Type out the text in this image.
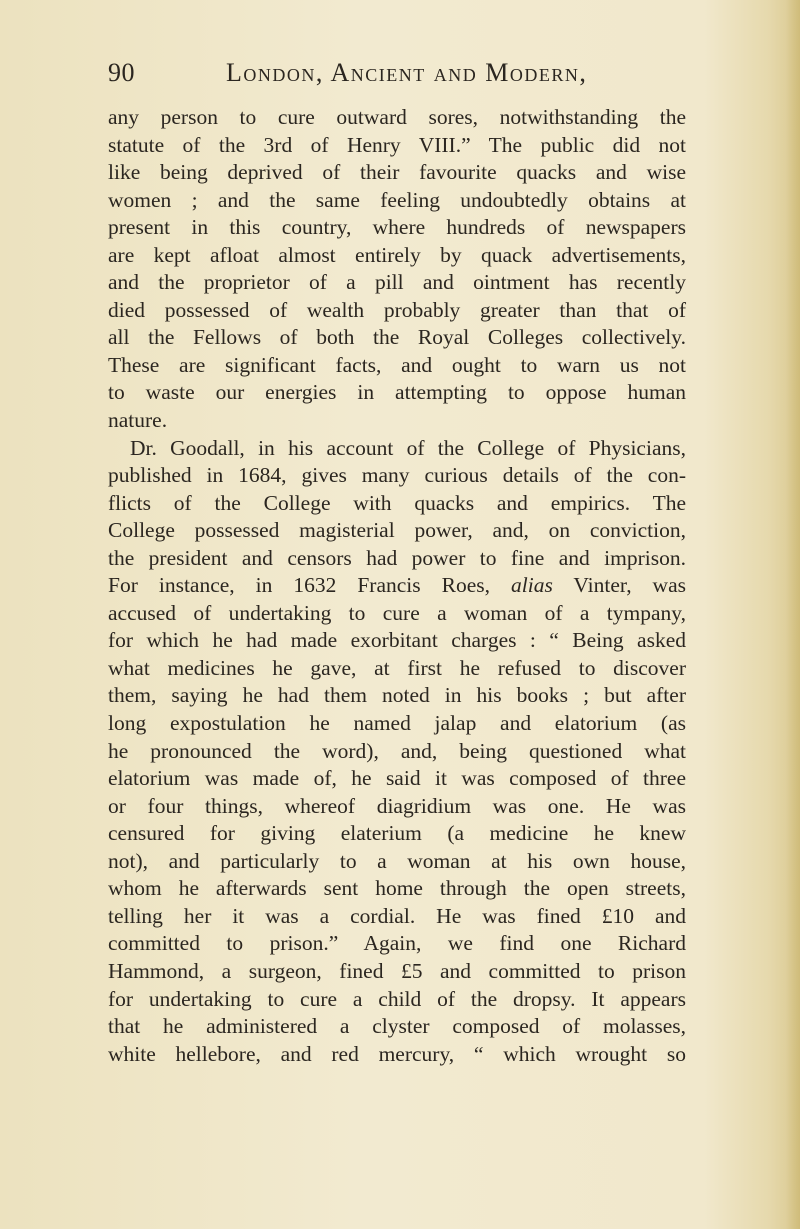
90	London, Ancient and Modern,
any person to cure outward sores, notwithstanding the
statute of the 3rd of Henry VIII.” The public did not
like being deprived of their favourite quacks and wise
women ; and the same feeling undoubtedly obtains at
present in this country, where hundreds of newspapers
are kept afloat almost entirely by quack advertisements,
and the proprietor of a pill and ointment has recently
died possessed of wealth probably greater than that of
all the Fellows of both the Royal Colleges collectively.
These are significant facts, and ought to warn us not
to waste our energies in attempting to oppose human
nature.
Dr. Goodall, in his account of the College of Physicians,
published in 1684, gives many curious details of the con-
flicts of the College with quacks and empirics. The
College possessed magisterial power, and, on conviction,
the president and censors had power to fine and imprison.
For instance, in 1632 Francis Roes, alias Vinter, was
accused of undertaking to cure a woman of a tympany,
for which he had made exorbitant charges : “ Being asked
what medicines he gave, at first he refused to discover
them, saying he had them noted in his books ; but after
long expostulation he named jalap and elatorium (as
he pronounced the word), and, being questioned what
elatorium was made of, he said it was composed of three
or four things, whereof diagridium was one. He was
censured for giving elaterium (a medicine he knew
not), and particularly to a woman at his own house,
whom he afterwards sent home through the open streets,
telling her it was a cordial. He was fined £10 and
committed to prison.” Again, we find one Richard
Hammond, a surgeon, fined £5 and committed to prison
for undertaking to cure a child of the dropsy. It appears
that he administered a clyster composed of molasses,
white hellebore, and red mercury, “ which wrought so
